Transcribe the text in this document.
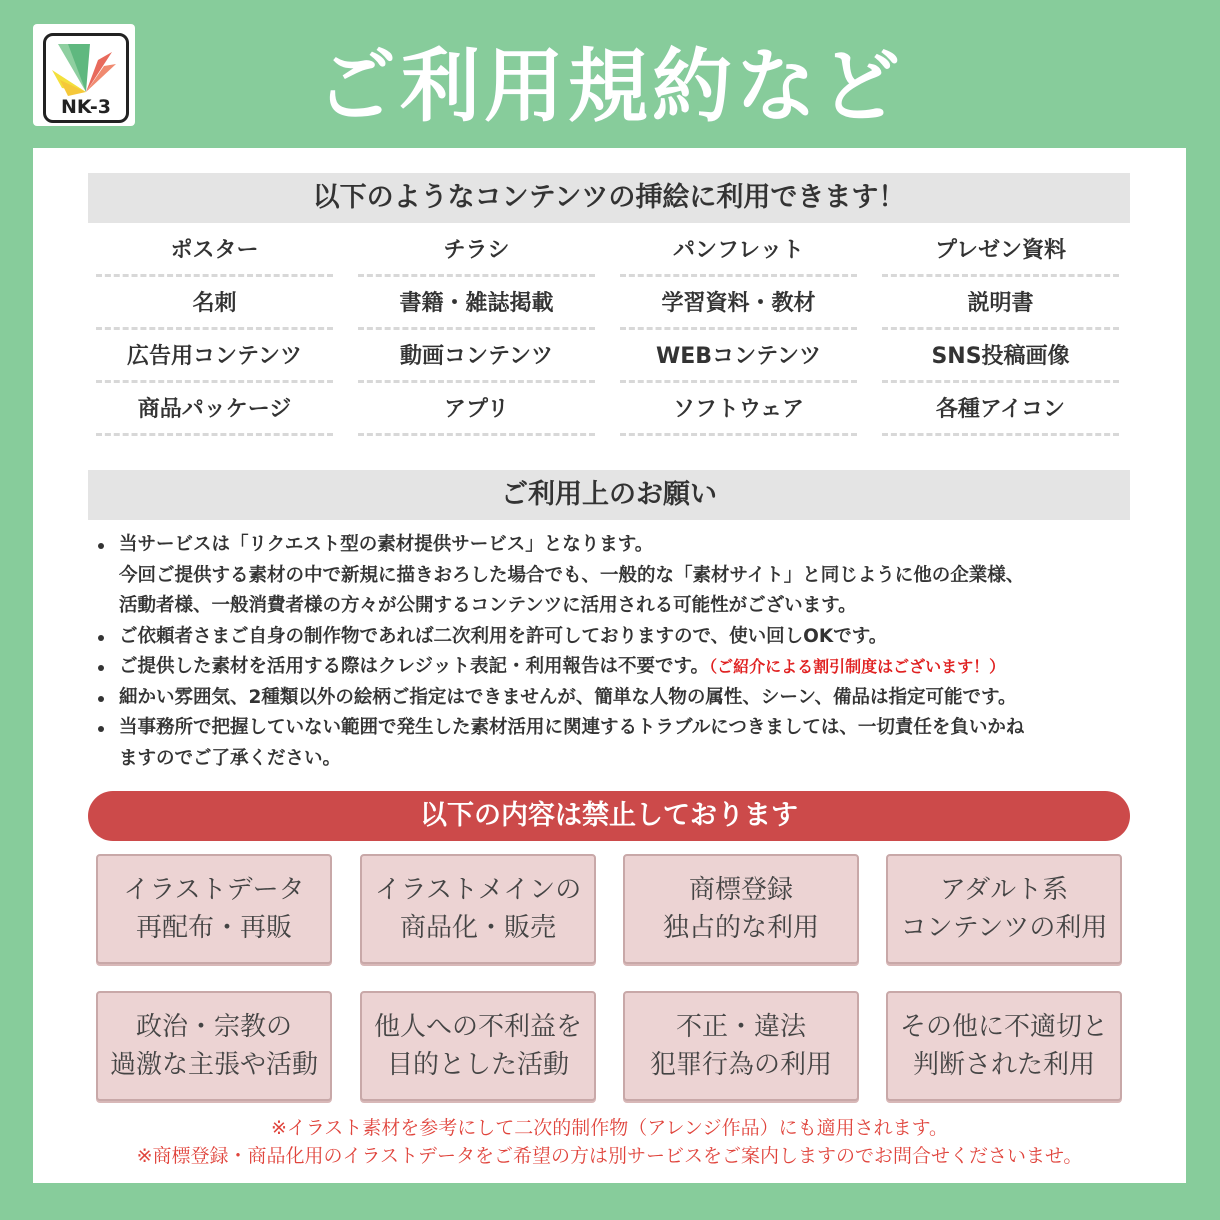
NK-3	ご利用規約など
以下のようなコンテンツの挿絵に利用できます！
ポスター	チラシ	パンフレット	プレゼン資料
名刺	書籍・雑誌掲載	学習資料・教材	説明書
広告用コンテンツ	動画コンテンツ	WEBコンテンツ	SNS投稿画像
商品パッケージ	アプリ	ソフトウェア	各種アイコン
ご利用上のお願い
当サービスは「リクエスト型の素材提供サービス」となります。
今回ご提供する素材の中で新規に描きおろした場合でも、一般的な「素材サイト」と同じように他の企業様、
活動者様、一般消費者様の方々が公開するコンテンツに活用される可能性がございます。
ご依頼者さまご自身の制作物であれば二次利用を許可しておりますので、使い回しOKです。
ご提供した素材を活用する際はクレジット表記・利用報告は不要です。（ご紹介による割引制度はございます！）
細かい雰囲気、2種類以外の絵柄ご指定はできませんが、簡単な人物の属性、シーン、備品は指定可能です。
当事務所で把握していない範囲で発生した素材活用に関連するトラブルにつきましては、一切責任を負いかね
ますのでご了承ください。
以下の内容は禁止しております
イラストデータ
再配布・再販
イラストメインの
商品化・販売
商標登録
独占的な利用
アダルト系
コンテンツの利用
政治・宗教の
過激な主張や活動
他人への不利益を
目的とした活動
不正・違法
犯罪行為の利用
その他に不適切と
判断された利用
※イラスト素材を参考にして二次的制作物（アレンジ作品）にも適用されます。
※商標登録・商品化用のイラストデータをご希望の方は別サービスをご案内しますのでお問合せくださいませ。
